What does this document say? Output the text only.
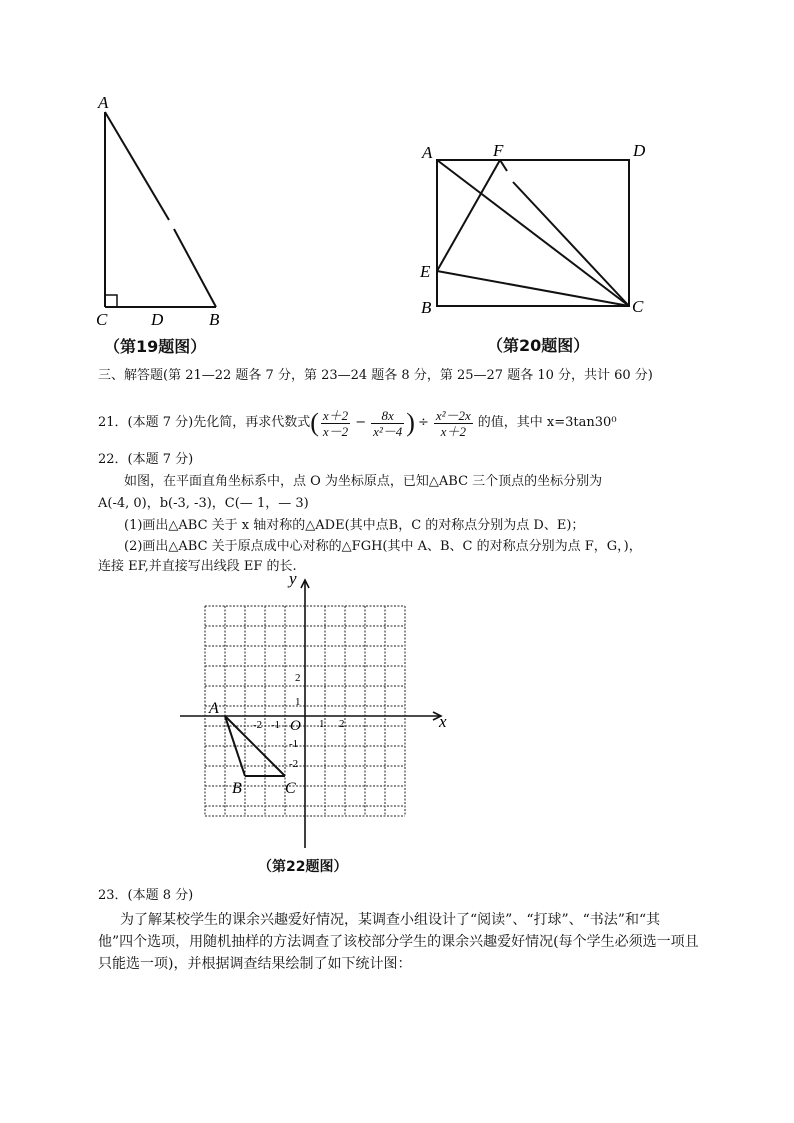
A
C	D	B
（第19题图）
A	F	D
E
B	C
（第20题图）
三、解答题(第 21—22 题各 7 分，第 23—24 题各 8 分，第 25—27 题各 10 分，共计 60 分)
21．(本题 7 分)先化简，再求代数式 ( $\frac{x+2}{x-2} - \frac{8x}{\text{x²－4}}$ ) ÷ $\frac{\text{x²－2x}}{x+2}$ 的值，其中 x=3tan30⁰
22．(本题 7 分)
如图，在平面直角坐标系中，点 O 为坐标原点，已知△ABC 三个顶点的坐标分别为
A(-4, 0)，b(-3, -3)，C(— 1，— 3)
(1)画出△ABC 关于 x 轴对称的△ADE(其中点B，C 的对称点分别为点 D、E)；
(2)画出△ABC 关于原点成中心对称的△FGH(其中 A、B、C 的对称点分别为点 F，G，)，
连接 EF,并直接写出线段 EF 的长.
x
y
O
A
B	C
-2 -1	1 2
2
1
-1
-2
（第22题图）
23．(本题 8 分)
为了解某校学生的课余兴趣爱好情况，某调查小组设计了“阅读”、“打球”、“书法”和“其
他”四个选项，用随机抽样的方法调查了该校部分学生的课余兴趣爱好情况(每个学生必须选一项且
只能选一项)，并根据调查结果绘制了如下统计图：
